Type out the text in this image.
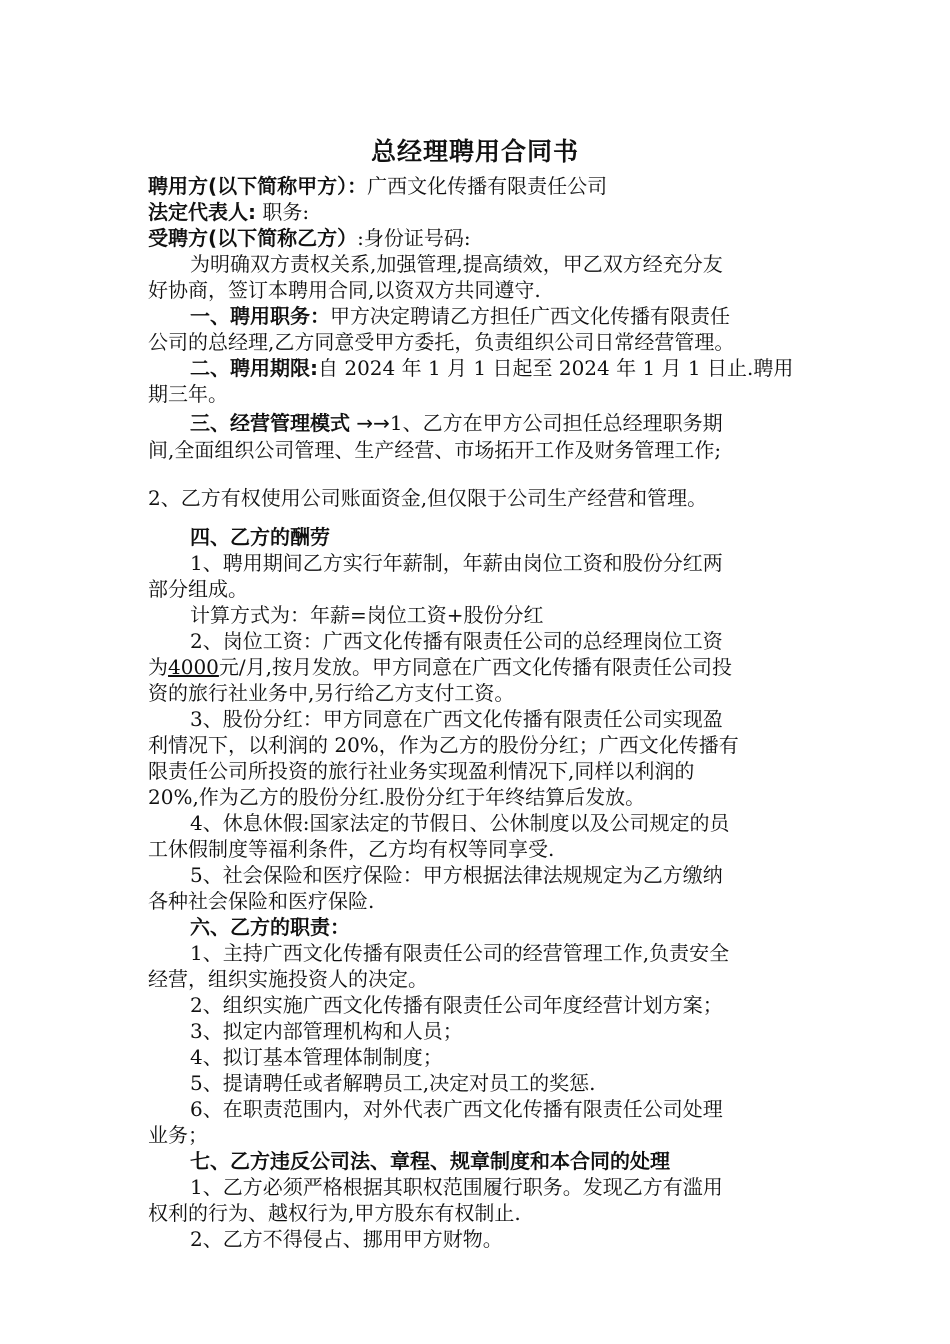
总经理聘用合同书
聘用方(以下简称甲方）：广西文化传播有限责任公司
法定代表人: 职务:
受聘方(以下简称乙方）:身份证号码:
为明确双方责权关系,加强管理,提高绩效，甲乙双方经充分友
好协商，签订本聘用合同,以资双方共同遵守.
一、聘用职务：甲方决定聘请乙方担任广西文化传播有限责任
公司的总经理,乙方同意受甲方委托，负责组织公司日常经营管理。
二、聘用期限:自 2024 年 1 月 1 日起至 2024 年 1 月 1 日止.聘用
期三年。
三、经营管理模式 →→1、乙方在甲方公司担任总经理职务期
间,全面组织公司管理、生产经营、市场拓开工作及财务管理工作;
2、乙方有权使用公司账面资金,但仅限于公司生产经营和管理。
四、乙方的酬劳
1、聘用期间乙方实行年薪制，年薪由岗位工资和股份分红两
部分组成。
计算方式为：年薪=岗位工资+股份分红
2、岗位工资：广西文化传播有限责任公司的总经理岗位工资
为4000元/月,按月发放。甲方同意在广西文化传播有限责任公司投
资的旅行社业务中,另行给乙方支付工资。
3、股份分红：甲方同意在广西文化传播有限责任公司实现盈
利情况下，以利润的 20%，作为乙方的股份分红；广西文化传播有
限责任公司所投资的旅行社业务实现盈利情况下,同样以利润的
20%,作为乙方的股份分红.股份分红于年终结算后发放。
4、休息休假:国家法定的节假日、公休制度以及公司规定的员
工休假制度等福利条件，乙方均有权等同享受.
5、社会保险和医疗保险：甲方根据法律法规规定为乙方缴纳
各种社会保险和医疗保险.
六、乙方的职责：
1、主持广西文化传播有限责任公司的经营管理工作,负责安全
经营，组织实施投资人的决定。
2、组织实施广西文化传播有限责任公司年度经营计划方案；
3、拟定内部管理机构和人员；
4、拟订基本管理体制制度；
5、提请聘任或者解聘员工,决定对员工的奖惩.
6、在职责范围内，对外代表广西文化传播有限责任公司处理
业务；
七、乙方违反公司法、章程、规章制度和本合同的处理
1、乙方必须严格根据其职权范围履行职务。发现乙方有滥用
权利的行为、越权行为,甲方股东有权制止.
2、乙方不得侵占、挪用甲方财物。
